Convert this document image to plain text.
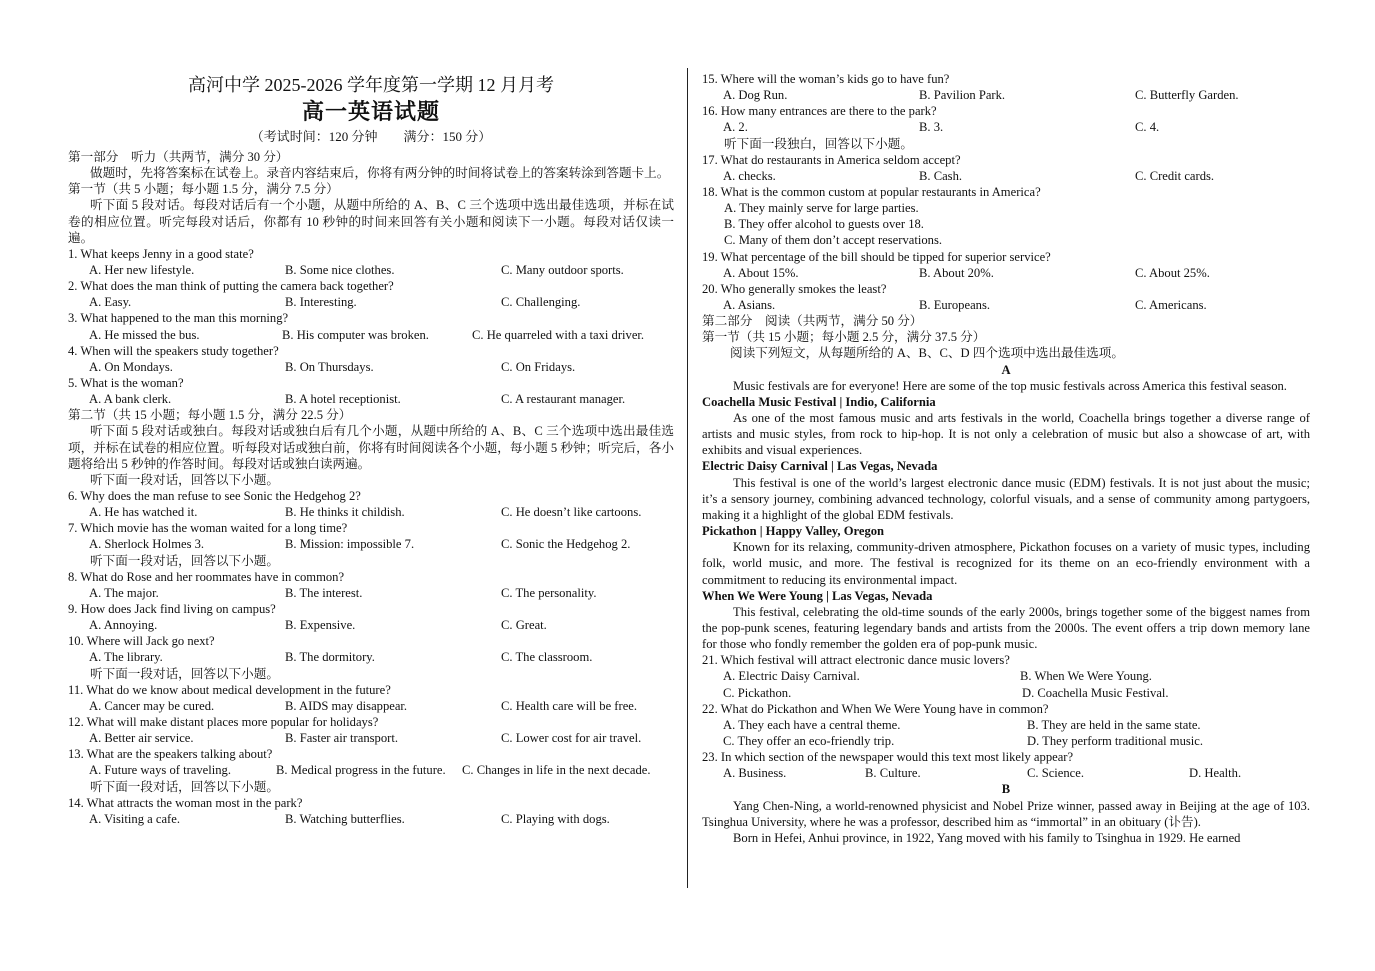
高河中学 2025-2026 学年度第一学期 12 月月考
高一英语试题
（考试时间：120 分钟　　满分：150 分）
第一部分　听力（共两节，满分 30 分）

做题时，先将答案标在试卷上。录音内容结束后，你将有两分钟的时间将试卷上的答案转涂到答题卡上。

第一节（共 5 小题；每小题 1.5 分，满分 7.5 分）

听下面 5 段对话。每段对话后有一个小题，从题中所给的 A、B、C 三个选项中选出最佳选项，并标在试卷的相应位置。听完每段对话后，你都有 10 秒钟的时间来回答有关小题和阅读下一小题。每段对话仅读一遍。

1. What keeps Jenny in a good state?
A. Her new lifestyle.	B. Some nice clothes.	C. Many outdoor sports.
2. What does the man think of putting the camera back together?
A. Easy.	B. Interesting.	C. Challenging.
3. What happened to the man this morning?
A. He missed the bus.	B. His computer was broken.	C. He quarreled with a taxi driver.
4. When will the speakers study together?
A. On Mondays.	B. On Thursdays.	C. On Fridays.
5. What is the woman?
A. A bank clerk.	B. A hotel receptionist.	C. A restaurant manager.
第二节（共 15 小题；每小题 1.5 分，满分 22.5 分）

听下面 5 段对话或独白。每段对话或独白后有几个小题，从题中所给的 A、B、C 三个选项中选出最佳选项，并标在试卷的相应位置。听每段对话或独白前，你将有时间阅读各个小题，每小题 5 秒钟；听完后，各小题将给出 5 秒钟的作答时间。每段对话或独白读两遍。

听下面一段对话，回答以下小题。
6. Why does the man refuse to see Sonic the Hedgehog 2?
A. He has watched it.	B. He thinks it childish.	C. He doesn’t like cartoons.
7. Which movie has the woman waited for a long time?
A. Sherlock Holmes 3.	B. Mission: impossible 7.	C. Sonic the Hedgehog 2.
听下面一段对话，回答以下小题。
8. What do Rose and her roommates have in common?
A. The major.	B. The interest.	C. The personality.
9. How does Jack find living on campus?
A. Annoying.	B. Expensive.	C. Great.
10. Where will Jack go next?
A. The library.	B. The dormitory.	C. The classroom.
听下面一段对话，回答以下小题。
11. What do we know about medical development in the future?
A. Cancer may be cured.	B. AIDS may disappear.	C. Health care will be free.
12. What will make distant places more popular for holidays?
A. Better air service.	B. Faster air transport.	C. Lower cost for air travel.
13. What are the speakers talking about?
A. Future ways of traveling.	B. Medical progress in the future.	C. Changes in life in the next decade.
听下面一段对话，回答以下小题。
14. What attracts the woman most in the park?
A. Visiting a cafe.	B. Watching butterflies.	C. Playing with dogs.
15. Where will the woman’s kids go to have fun?
A. Dog Run.	B. Pavilion Park.	C. Butterfly Garden.
16. How many entrances are there to the park?
A. 2.	B. 3.	C. 4.
听下面一段独白，回答以下小题。
17. What do restaurants in America seldom accept?
A. checks.	B. Cash.	C. Credit cards.
18. What is the common custom at popular restaurants in America?
A. They mainly serve for large parties.
B. They offer alcohol to guests over 18.
C. Many of them don’t accept reservations.
19. What percentage of the bill should be tipped for superior service?
A. About 15%.	B. About 20%.	C. About 25%.
20. Who generally smokes the least?
A. Asians.	B. Europeans.	C. Americans.
第二部分　阅读（共两节，满分 50 分）
第一节（共 15 小题；每小题 2.5 分，满分 37.5 分）
阅读下列短文，从每题所给的 A、B、C、D 四个选项中选出最佳选项。
A

Music festivals are for everyone! Here are some of the top music festivals across America this festival season.

Coachella Music Festival | Indio, California

As one of the most famous music and arts festivals in the world, Coachella brings together a diverse range of artists and music styles, from rock to hip-hop. It is not only a celebration of music but also a showcase of art, with exhibits and visual experiences.

Electric Daisy Carnival | Las Vegas, Nevada

This festival is one of the world’s largest electronic dance music (EDM) festivals. It is not just about the music; it’s a sensory journey, combining advanced technology, colorful visuals, and a sense of community among partygoers, making it a highlight of the global EDM festivals.

Pickathon | Happy Valley, Oregon

Known for its relaxing, community-driven atmosphere, Pickathon focuses on a variety of music types, including folk, world music, and more. The festival is recognized for its theme on an eco-friendly environment with a commitment to reducing its environmental impact.

When We Were Young | Las Vegas, Nevada

This festival, celebrating the old-time sounds of the early 2000s, brings together some of the biggest names from the pop-punk scenes, featuring legendary bands and artists from the 2000s. The event offers a trip down memory lane for those who fondly remember the golden era of pop-punk music.

21. Which festival will attract electronic dance music lovers?
A. Electric Daisy Carnival.	B. When We Were Young.
C. Pickathon.	D. Coachella Music Festival.
22. What do Pickathon and When We Were Young have in common?
A. They each have a central theme.	B. They are held in the same state.
C. They offer an eco-friendly trip.	D. They perform traditional music.
23. In which section of the newspaper would this text most likely appear?
A. Business.	B. Culture.	C. Science.	D. Health.
B

Yang Chen-Ning, a world-renowned physicist and Nobel Prize winner, passed away in Beijing at the age of 103. Tsinghua University, where he was a professor, described him as “immortal” in an obituary (讣告).

Born in Hefei, Anhui province, in 1922, Yang moved with his family to Tsinghua in 1929. He earned
